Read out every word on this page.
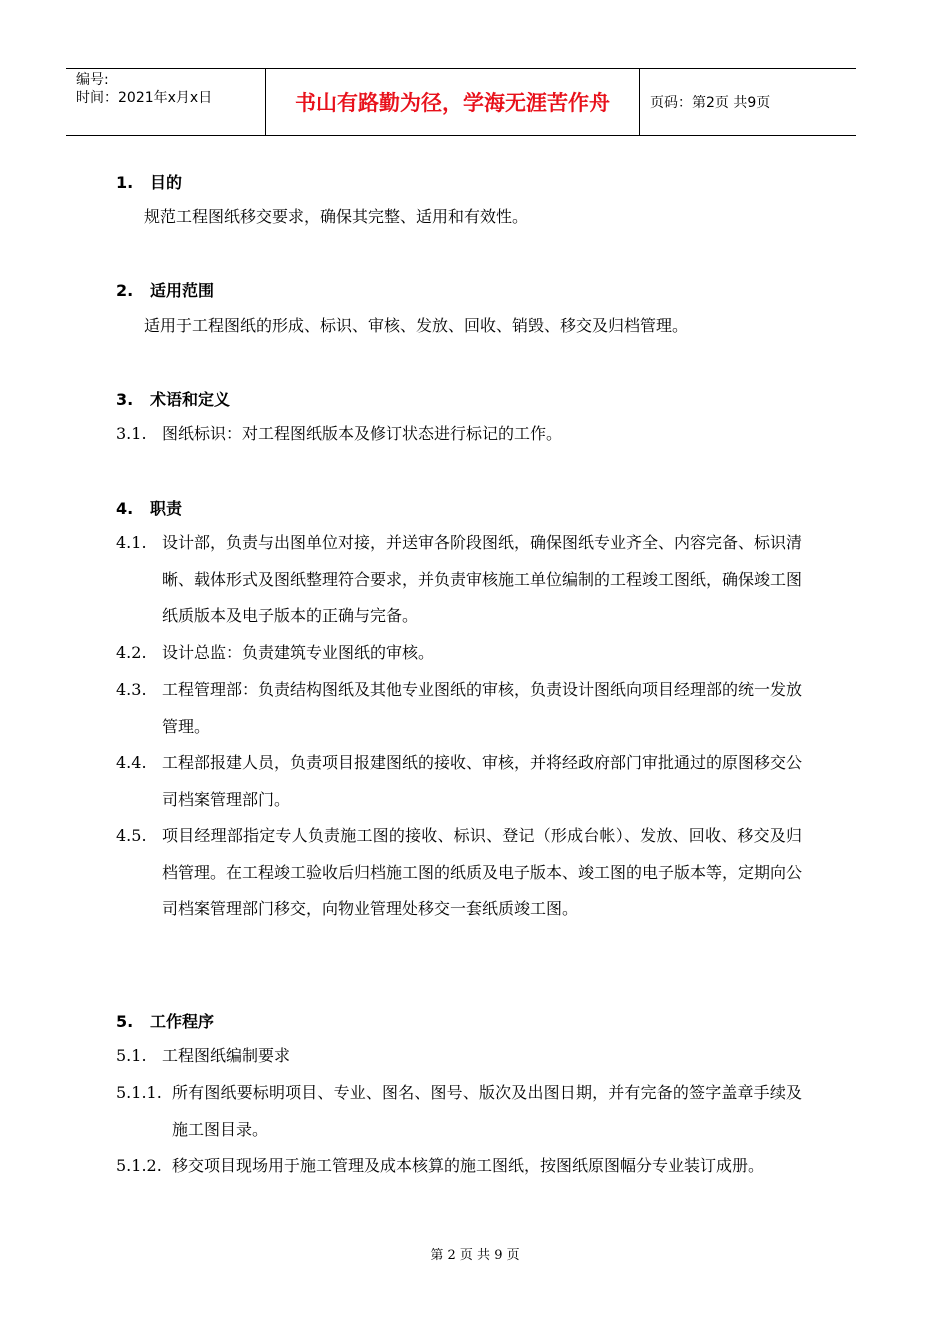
编号:
时间：2021年x月x日	书山有路勤为径，学海无涯苦作舟	页码：第2页 共9页
1. 目的
规范工程图纸移交要求，确保其完整、适用和有效性。
2. 适用范围
适用于工程图纸的形成、标识、审核、发放、回收、销毁、移交及归档管理。
3. 术语和定义
3.1. 图纸标识：对工程图纸版本及修订状态进行标记的工作。
4. 职责
4.1. 设计部，负责与出图单位对接，并送审各阶段图纸，确保图纸专业齐全、内容完备、标识清晰、载体形式及图纸整理符合要求，并负责审核施工单位编制的工程竣工图纸，确保竣工图纸质版本及电子版本的正确与完备。
4.2. 设计总监：负责建筑专业图纸的审核。
4.3. 工程管理部：负责结构图纸及其他专业图纸的审核，负责设计图纸向项目经理部的统一发放管理。
4.4. 工程部报建人员，负责项目报建图纸的接收、审核，并将经政府部门审批通过的原图移交公司档案管理部门。
4.5. 项目经理部指定专人负责施工图的接收、标识、登记（形成台帐）、发放、回收、移交及归档管理。在工程竣工验收后归档施工图的纸质及电子版本、竣工图的电子版本等，定期向公司档案管理部门移交，向物业管理处移交一套纸质竣工图。
5. 工作程序
5.1. 工程图纸编制要求
5.1.1. 所有图纸要标明项目、专业、图名、图号、版次及出图日期，并有完备的签字盖章手续及施工图目录。
5.1.2. 移交项目现场用于施工管理及成本核算的施工图纸，按图纸原图幅分专业装订成册。
第 2 页 共 9 页
